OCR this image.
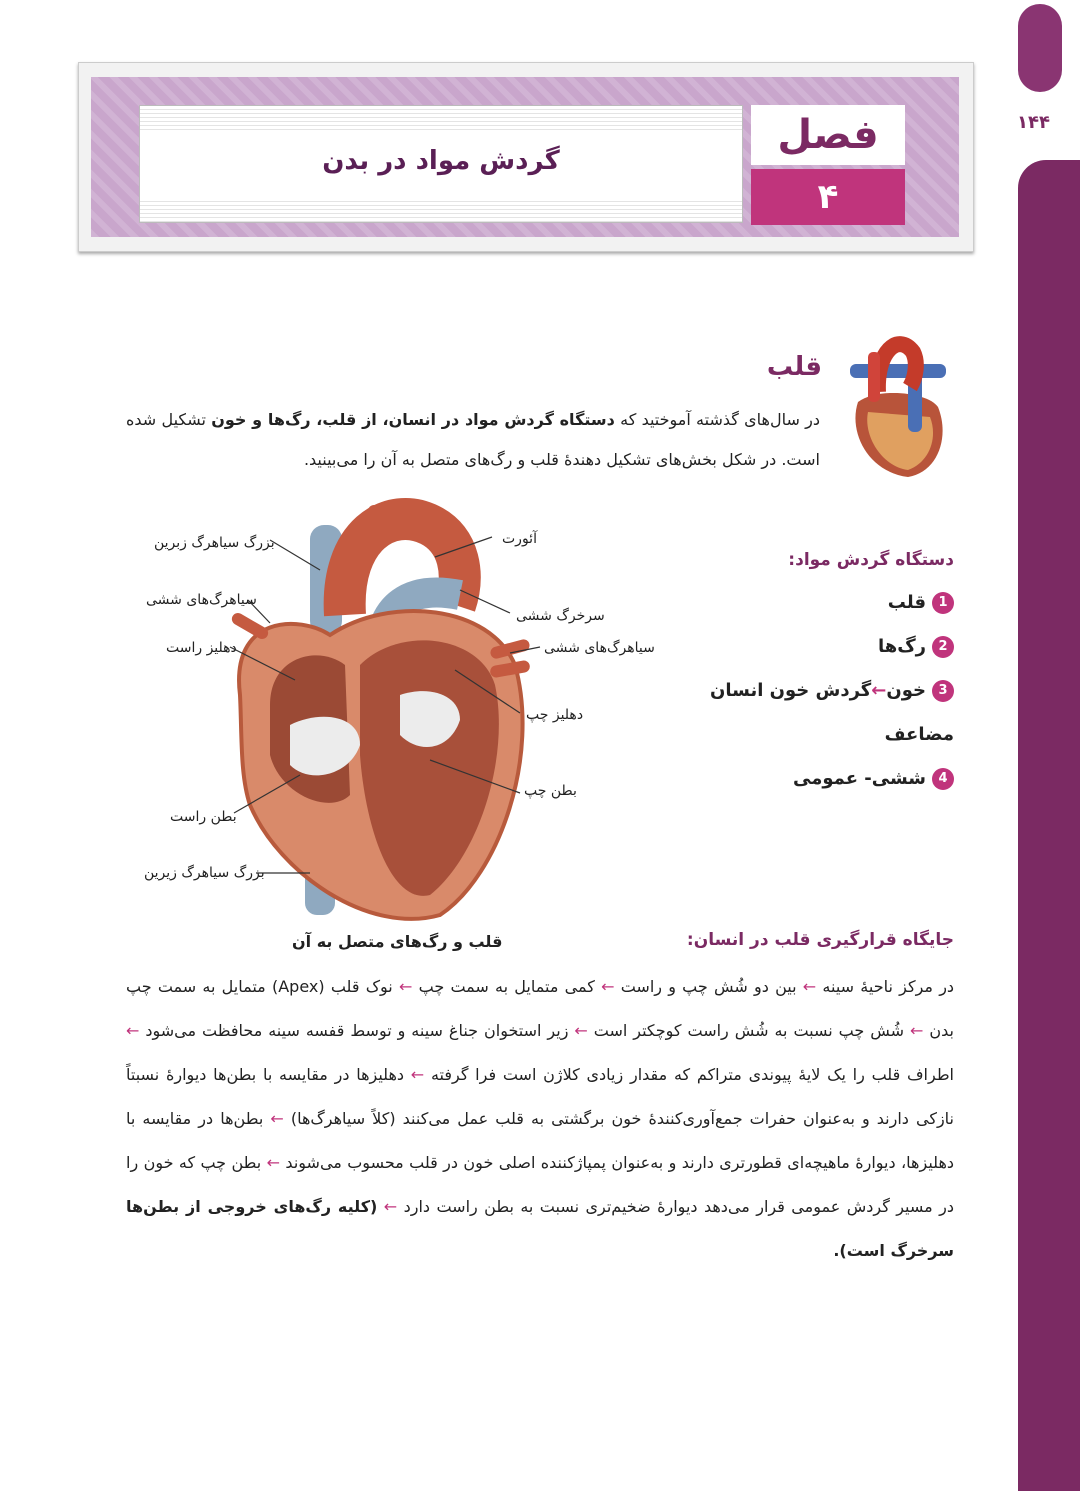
۱۴۴
گردش مواد در بدن
فصل
۴
قلب
در سال‌های گذشته آموختید که دستگاه گردش مواد در انسان، از قلب، رگ‌ها و خون تشکیل شده است. در شکل بخش‌های تشکیل دهندهٔ قلب و رگ‌های متصل به آن را می‌بینید.
بزرگ سیاهرگ زبرین
سیاهرگ‌های ششی
دهلیز راست
بطن راست
بزرگ سیاهرگ زیرین
آئورت
سرخرگ ششی
سیاهرگ‌های ششی
دهلیز چپ
بطن چپ
قلب و رگ‌های متصل به آن
دستگاه گردش مواد:
1قلب
2رگ‌ها
3خون←گردش خون انسان
مضاعف
4ششی- عمومی
جایگاه قرارگیری قلب در انسان:
در مرکز ناحیهٔ سینه ← بین دو شُش چپ و راست ← کمی متمایل به سمت چپ ← نوک قلب (Apex) متمایل به سمت چپ بدن ← شُش چپ نسبت به شُش راست کوچکتر است ← زیر استخوان جناغ سینه و توسط قفسه سینه محافظت می‌شود ← اطراف قلب را یک لایهٔ پیوندی متراکم که مقدار زیادی کلاژن است فرا گرفته ← دهلیزها در مقایسه با بطن‌ها دیوارهٔ نسبتاً نازکی دارند و به‌عنوان حفرات جمع‌آوری‌کنندهٔ خون برگشتی به قلب عمل می‌کنند (کلاً سیاهرگ‌ها) ← بطن‌ها در مقایسه با دهلیزها، دیوارهٔ ماهیچه‌ای قطورتری دارند و به‌عنوان پمپاژکننده اصلی خون در قلب محسوب می‌شوند ← بطن چپ که خون را در مسیر گردش عمومی قرار می‌دهد دیوارهٔ ضخیم‌تری نسبت به بطن راست دارد ← (کلیه رگ‌های خروجی از بطن‌ها سرخرگ است).
